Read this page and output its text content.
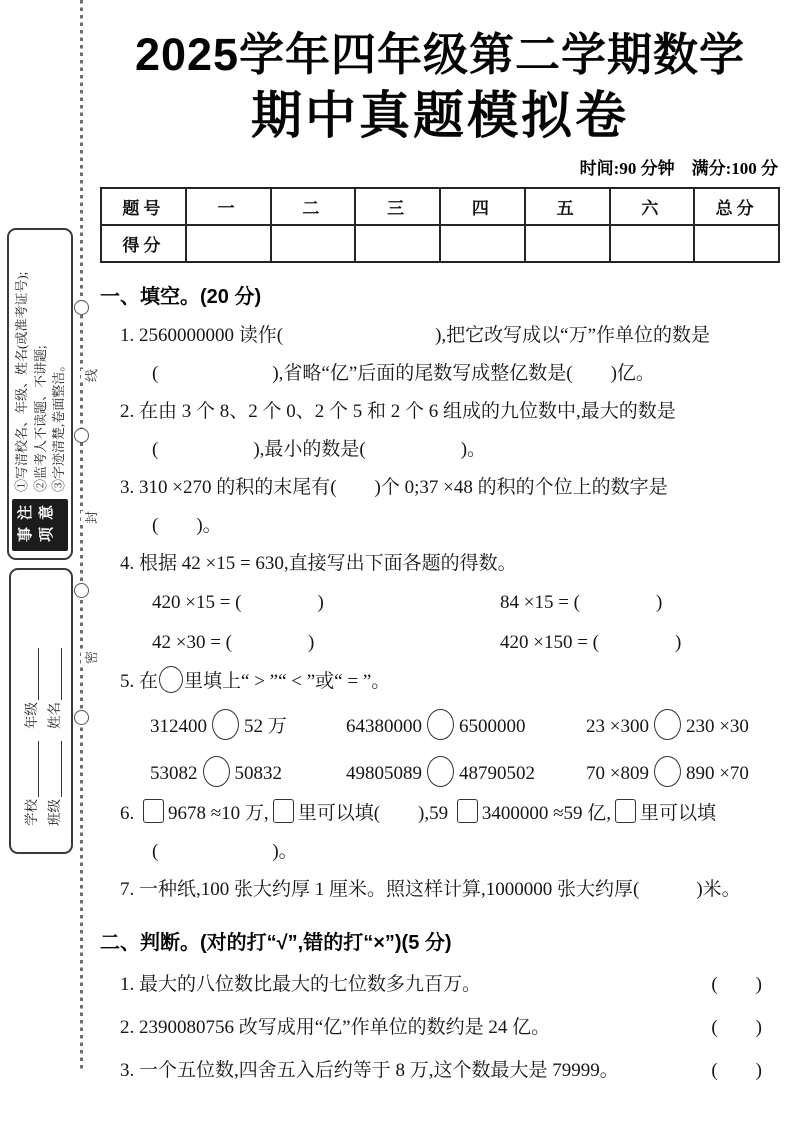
线
封
密
注意事项
①写清校名、年级、姓名(或准考证号); ②监考人不读题、不讲题; ③字迹清楚,卷面整洁。
学校
年级
班级
姓名
2025学年四年级第二学期数学
期中真题模拟卷
时间:90 分钟　满分:100 分
题号	一	二	三	四	五	六	总分
得分							
一、填空。(20 分)
1. 2560000000 读作(　　　　　　　　),把它改写成以“万”作单位的数是
(　　　　　　),省略“亿”后面的尾数写成整亿数是(　　)亿。
2. 在由 3 个 8、2 个 0、2 个 5 和 2 个 6 组成的九位数中,最大的数是
(　　　　　),最小的数是(　　　　　)。
3. 310 ×270 的积的末尾有(　　)个 0;37 ×48 的积的个位上的数字是
(　　)。
4. 根据 42 ×15 = 630,直接写出下面各题的得数。
420 ×15 = (　　　　)	84 ×15 = (　　　　)
42 ×30 = (　　　　)	420 ×150 = (　　　　)
5. 在 里填上“ > ”“ < ”或“ = ”。
312400 52 万	64380000 6500000	23 ×300 230 ×30
53082 50832	49805089 48790502	70 ×809 890 ×70
6. 9678 ≈10 万, 里可以填(　　),59 3400000 ≈59 亿, 里可以填
(　　　　　　)。
7. 一种纸,100 张大约厚 1 厘米。照这样计算,1000000 张大约厚(　　　)米。
二、判断。(对的打“√”,错的打“×”)(5 分)
1. 最大的八位数比最大的七位数多九百万。	(　　)
2. 2390080756 改写成用“亿”作单位的数约是 24 亿。	(　　)
3. 一个五位数,四舍五入后约等于 8 万,这个数最大是 79999。	(　　)
